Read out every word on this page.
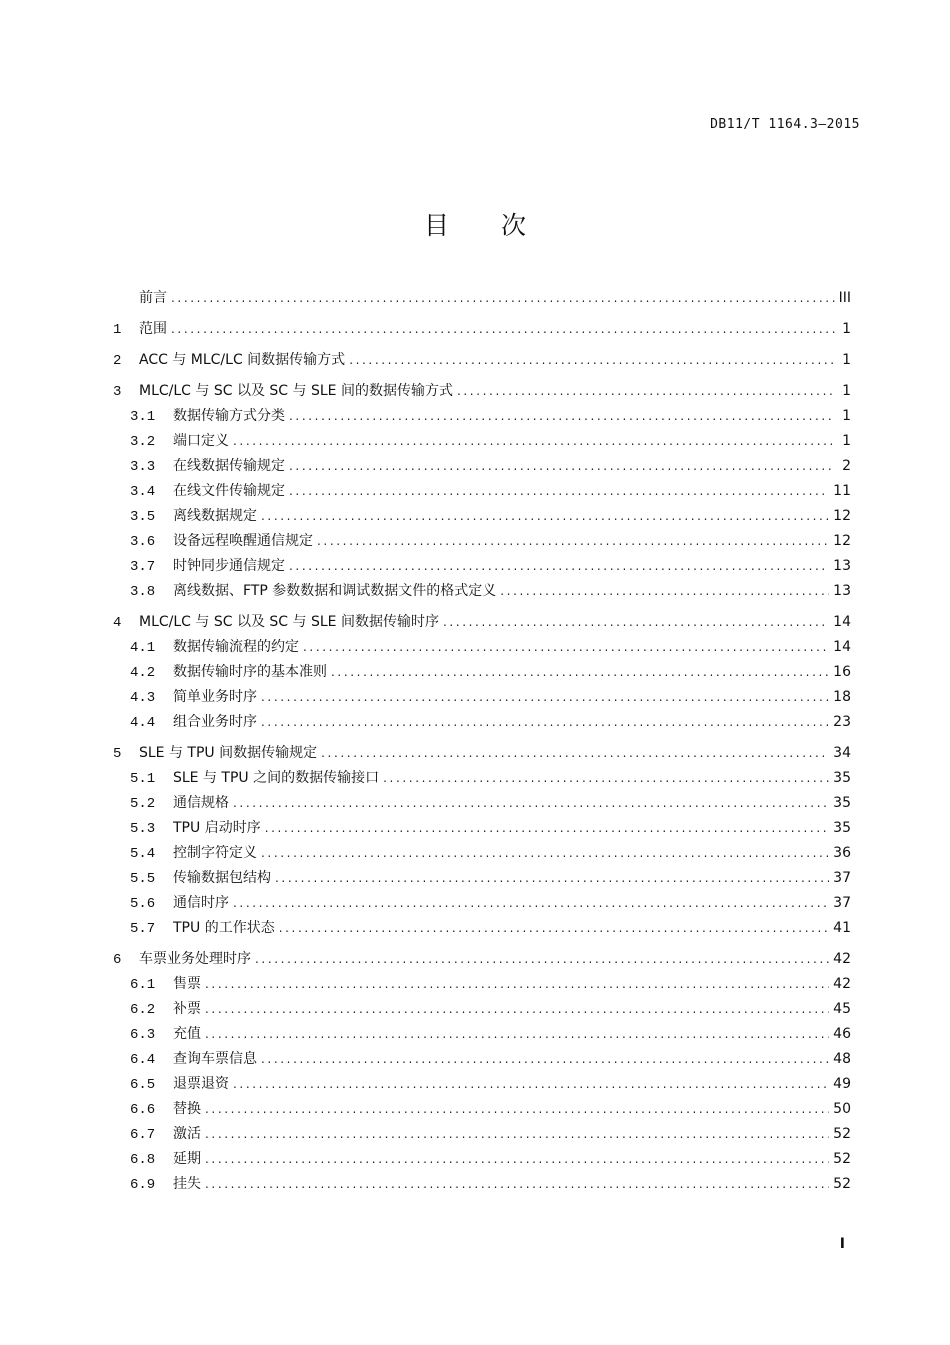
DB11/T 1164.3—2015
目 次
前言 .....	III
1	范围 .....	1
2	ACC 与 MLC/LC 间数据传输方式 .....	1
3	MLC/LC 与 SC 以及 SC 与 SLE 间的数据传输方式 .....	1
3.1	数据传输方式分类 .....	1
3.2	端口定义 .....	1
3.3	在线数据传输规定 .....	2
3.4	在线文件传输规定 .....	11
3.5	离线数据规定 .....	12
3.6	设备远程唤醒通信规定 .....	12
3.7	时钟同步通信规定 .....	13
3.8	离线数据、FTP 参数数据和调试数据文件的格式定义 .....	13
4	MLC/LC 与 SC 以及 SC 与 SLE 间数据传输时序 .....	14
4.1	数据传输流程的约定 .....	14
4.2	数据传输时序的基本准则 .....	16
4.3	简单业务时序 .....	18
4.4	组合业务时序 .....	23
5	SLE 与 TPU 间数据传输规定 .....	34
5.1	SLE 与 TPU 之间的数据传输接口 .....	35
5.2	通信规格 .....	35
5.3	TPU 启动时序 .....	35
5.4	控制字符定义 .....	36
5.5	传输数据包结构 .....	37
5.6	通信时序 .....	37
5.7	TPU 的工作状态 .....	41
6	车票业务处理时序 .....	42
6.1	售票 .....	42
6.2	补票 .....	45
6.3	充值 .....	46
6.4	查询车票信息 .....	48
6.5	退票退资 .....	49
6.6	替换 .....	50
6.7	激活 .....	52
6.8	延期 .....	52
6.9	挂失 .....	52
I
